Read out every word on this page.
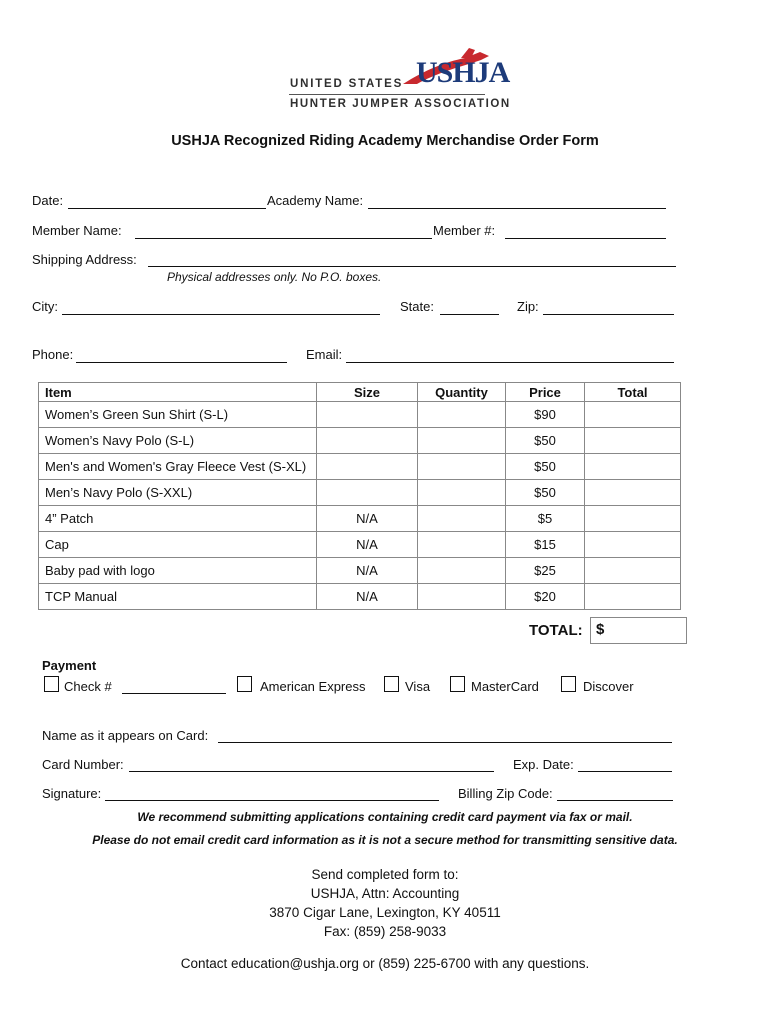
USHJA
UNITED STATES
HUNTER JUMPER ASSOCIATION
USHJA Recognized Riding Academy Merchandise Order Form
Date:	Academy Name:
Member Name:	Member #:
Shipping Address:
Physical addresses only. No P.O. boxes.
City:	State:	Zip:
Phone:	Email:
Item	Size	Quantity	Price	Total
Women’s Green Sun Shirt (S-L)			$90	
Women’s Navy Polo (S-L)			$50	
Men's and Women's Gray Fleece Vest (S-XL)			$50	
Men’s Navy Polo (S-XXL)			$50	
4” Patch	N/A		$5	
Cap	N/A		$15	
Baby pad with logo	N/A		$25	
TCP Manual	N/A		$20	
TOTAL: $
Payment
Check #	American Express	Visa	MasterCard	Discover
Name as it appears on Card:
Card Number:	Exp. Date:
Signature:	Billing Zip Code:
We recommend submitting applications containing credit card payment via fax or mail.
Please do not email credit card information as it is not a secure method for transmitting sensitive data.
Send completed form to:
USHJA, Attn: Accounting
3870 Cigar Lane, Lexington, KY 40511
Fax: (859) 258-9033
Contact education@ushja.org or (859) 225-6700 with any questions.
